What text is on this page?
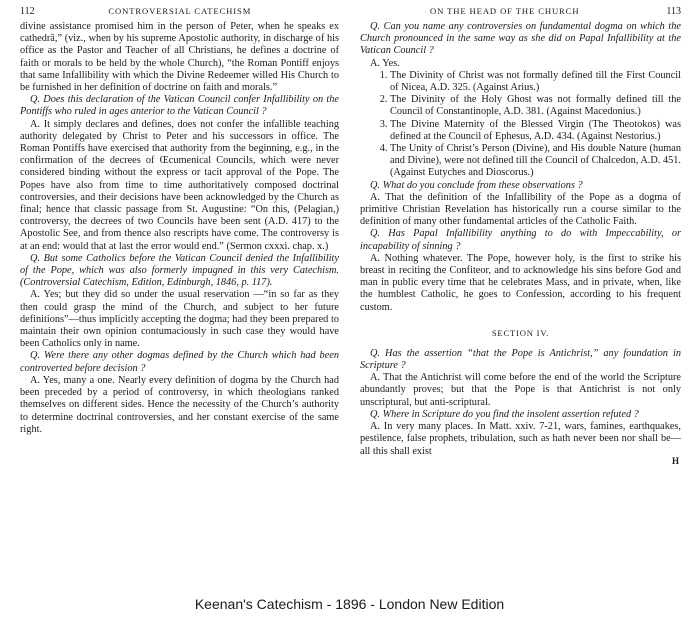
112	CONTROVERSIAL CATECHISM

divine assistance promised him in the person of Peter, when he speaks ex cathedrâ,” (viz., when by his supreme Apostolic authority, in discharge of his office as the Pastor and Teacher of all Christians, he defines a doctrine of faith or morals to be held by the whole Church), “the Roman Pontiff enjoys that same Infallibility with which the Divine Redeemer willed His Church to be furnished in her definition of doctrine on faith and morals.”

Q. Does this declaration of the Vatican Council confer Infallibility on the Pontiffs who ruled in ages anterior to the Vatican Council ?

A. It simply declares and defines, does not confer the infallible teaching authority delegated by Christ to Peter and his successors in office. The Roman Pontiffs have exercised that authority from the beginning, e.g., in the confirmation of the decrees of Œcumenical Councils, which were never considered binding without the express or tacit approval of the Pope. The Popes have also from time to time authoritatively composed doctrinal controversies, and their decisions have been acknowledged by the Church as final; hence that classic passage from St. Augustine: “On this, (Pelagian,) controversy, the decrees of two Councils have been sent (A.D. 417) to the Apostolic See, and from thence also rescripts have come. The controversy is at an end: would that at last the error would end.” (Sermon cxxxi. chap. x.)

Q. But some Catholics before the Vatican Council denied the Infallibility of the Pope, which was also formerly impugned in this very Catechism. (Controversial Catechism, Edition, Edinburgh, 1846, p. 117).

A. Yes; but they did so under the usual reservation —“in so far as they then could grasp the mind of the Church, and subject to her future definitions”—thus implicitly accepting the dogma; had they been prepared to maintain their own opinion contumaciously in such case they would have been Catholics only in name.

Q. Were there any other dogmas defined by the Church which had been controverted before decision ?

A. Yes, many a one. Nearly every definition of dogma by the Church had been preceded by a period of controversy, in which theologians ranked themselves on different sides. Hence the necessity of the Church’s authority to determine doctrinal controversies, and her constant exercise of the same right.

ON THE HEAD OF THE CHURCH	113

Q. Can you name any controversies on fundamental dogma on which the Church pronounced in the same way as she did on Papal Infallibility at the Vatican Council ?

A. Yes.

1. The Divinity of Christ was not formally defined till the First Council of Nicea, A.D. 325. (Against Arius.)
2. The Divinity of the Holy Ghost was not formally defined till the Council of Constantinople, A.D. 381. (Against Macedonius.)
3. The Divine Maternity of the Blessed Virgin (The Theotokos) was defined at the Council of Ephesus, A.D. 434. (Against Nestorius.)
4. The Unity of Christ’s Person (Divine), and His double Nature (human and Divine), were not defined till the Council of Chalcedon, A.D. 451. (Against Eutyches and Dioscorus.)

Q. What do you conclude from these observations ?

A. That the definition of the Infallibility of the Pope as a dogma of primitive Christian Revelation has historically run a course similar to the definition of many other fundamental articles of the Catholic Faith.

Q. Has Papal Infallibility anything to do with Impeccability, or incapability of sinning ?

A. Nothing whatever. The Pope, however holy, is the first to strike his breast in reciting the Confiteor, and to acknowledge his sins before God and man in public every time that he celebrates Mass, and in private, when, like the humblest Catholic, he goes to Confession, according to his frequent custom.

SECTION IV.

Q. Has the assertion “that the Pope is Antichrist,” any foundation in Scripture ?

A. That the Antichrist will come before the end of the world the Scripture abundantly proves; but that the Pope is that Antichrist is not only unscriptural, but anti-scriptural.

Q. Where in Scripture do you find the insolent assertion refuted ?

A. In very many places. In Matt. xxiv. 7-21, wars, famines, earthquakes, pestilence, false prophets, tribulation, such as hath never been nor shall be—all this shall exist

H
Keenan's Catechism - 1896 - London New Edition
